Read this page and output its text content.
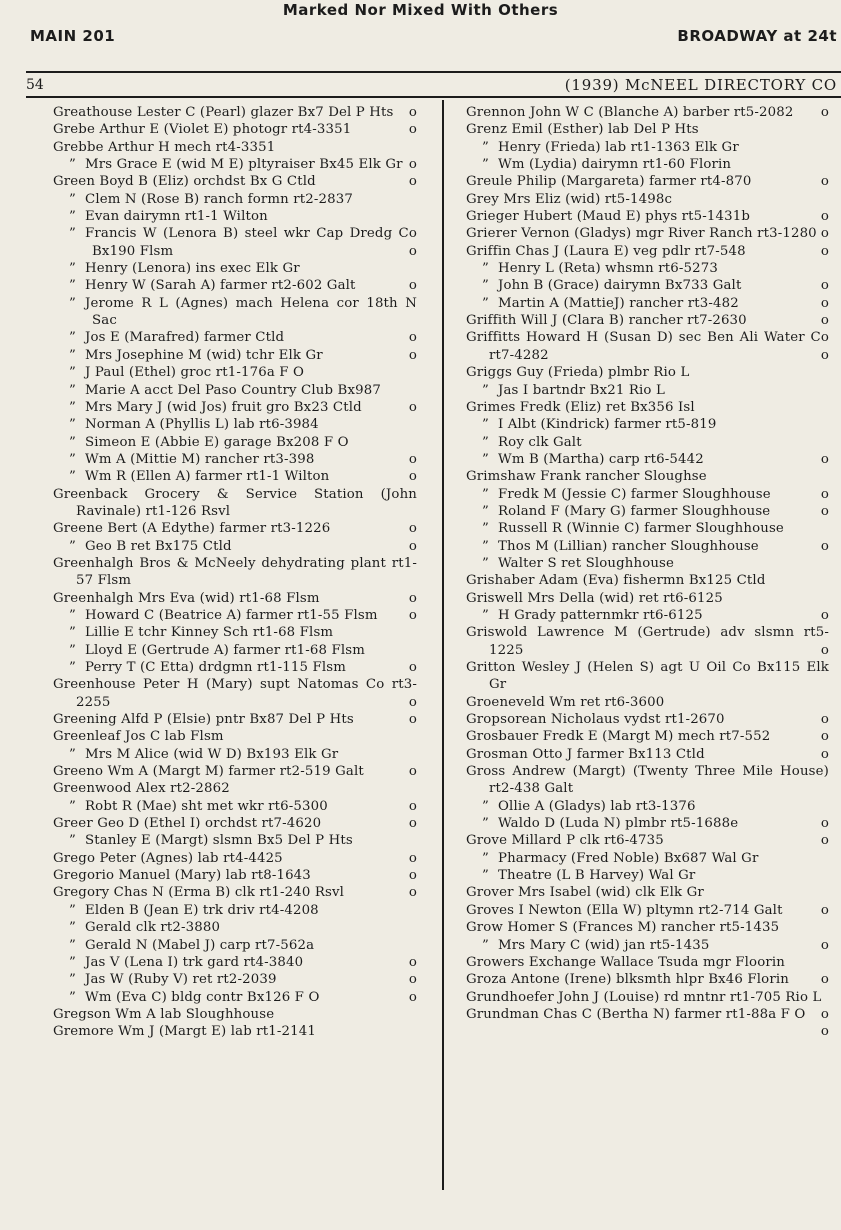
Marked Nor Mixed With Others
MAIN 201	BROADWAY at 24t
54	(1939) McNEEL DIRECTORY CO
Greathouse Lester C (Pearl) glazer Bx7 Del P Hts o
Grebe Arthur E (Violet E) photogr rt4-3351	o
Grebbe Arthur H mech rt4-3351
” Mrs Grace E (wid M E) pltyraiser Bx45 Elk Gr o
Green Boyd B (Eliz) orchdst Bx G Ctld	o
” Clem N (Rose B) ranch formn rt2-2837
” Evan dairymn rt1-1 Wilton
” Francis W (Lenora B) steel wkr Cap Dredg Co Bx190 Flsm	o
” Henry (Lenora) ins exec Elk Gr
” Henry W (Sarah A) farmer rt2-602 Galt	o
” Jerome R L (Agnes) mach Helena cor 18th N Sac
” Jos E (Marafred) farmer Ctld	o
” Mrs Josephine M (wid) tchr Elk Gr	o
” J Paul (Ethel) groc rt1-176a F O
” Marie A acct Del Paso Country Club Bx987
” Mrs Mary J (wid Jos) fruit gro Bx23 Ctld	o
” Norman A (Phyllis L) lab rt6-3984
” Simeon E (Abbie E) garage Bx208 F O
” Wm A (Mittie M) rancher rt3-398	o
” Wm R (Ellen A) farmer rt1-1 Wilton	o
Greenback Grocery & Service Station (John Ravinale) rt1-126 Rsvl
Greene Bert (A Edythe) farmer rt3-1226	o
” Geo B ret Bx175 Ctld	o
Greenhalgh Bros & McNeely dehydrating plant rt1-57 Flsm
Greenhalgh Mrs Eva (wid) rt1-68 Flsm	o
” Howard C (Beatrice A) farmer rt1-55 Flsm o
” Lillie E tchr Kinney Sch rt1-68 Flsm
” Lloyd E (Gertrude A) farmer rt1-68 Flsm
” Perry T (C Etta) drdgmn rt1-115 Flsm	o
Greenhouse Peter H (Mary) supt Natomas Co rt3-2255	o
Greening Alfd P (Elsie) pntr Bx87 Del P Hts	o
Greenleaf Jos C lab Flsm
” Mrs M Alice (wid W D) Bx193 Elk Gr
Greeno Wm A (Margt M) farmer rt2-519 Galt	o
Greenwood Alex rt2-2862
” Robt R (Mae) sht met wkr rt6-5300	o
Greer Geo D (Ethel I) orchdst rt7-4620	o
” Stanley E (Margt) slsmn Bx5 Del P Hts
Grego Peter (Agnes) lab rt4-4425	o
Gregorio Manuel (Mary) lab rt8-1643	o
Gregory Chas N (Erma B) clk rt1-240 Rsvl	o
” Elden B (Jean E) trk driv rt4-4208
” Gerald clk rt2-3880
” Gerald N (Mabel J) carp rt7-562a
” Jas V (Lena I) trk gard rt4-3840	o
” Jas W (Ruby V) ret rt2-2039	o
” Wm (Eva C) bldg contr Bx126 F O	o
Gregson Wm A lab Sloughhouse
Gremore Wm J (Margt E) lab rt1-2141
Grennon John W C (Blanche A) barber rt5-2082 o
Grenz Emil (Esther) lab Del P Hts
” Henry (Frieda) lab rt1-1363 Elk Gr
” Wm (Lydia) dairymn rt1-60 Florin
Greule Philip (Margareta) farmer rt4-870	o
Grey Mrs Eliz (wid) rt5-1498c
Grieger Hubert (Maud E) phys rt5-1431b	o
Grierer Vernon (Gladys) mgr River Ranch rt3-1280 o
Griffin Chas J (Laura E) veg pdlr rt7-548	o
” Henry L (Reta) whsmn rt6-5273
” John B (Grace) dairymn Bx733 Galt	o
” Martin A (MattieJ) rancher rt3-482	o
Griffith Will J (Clara B) rancher rt7-2630	o
Griffitts Howard H (Susan D) sec Ben Ali Water Co rt7-4282	o
Griggs Guy (Frieda) plmbr Rio L
” Jas I bartndr Bx21 Rio L
Grimes Fredk (Eliz) ret Bx356 Isl
” I Albt (Kindrick) farmer rt5-819
” Roy clk Galt
” Wm B (Martha) carp rt6-5442	o
Grimshaw Frank rancher Sloughse
” Fredk M (Jessie C) farmer Sloughhouse	o
” Roland F (Mary G) farmer Sloughhouse	o
” Russell R (Winnie C) farmer Sloughhouse
” Thos M (Lillian) rancher Sloughhouse	o
” Walter S ret Sloughhouse
Grishaber Adam (Eva) fishermn Bx125 Ctld
Griswell Mrs Della (wid) ret rt6-6125
” H Grady patternmkr rt6-6125	o
Griswold Lawrence M (Gertrude) adv slsmn rt5-1225	o
Gritton Wesley J (Helen S) agt U Oil Co Bx115 Elk Gr
Groeneveld Wm ret rt6-3600
Gropsorean Nicholaus vydst rt1-2670	o
Grosbauer Fredk E (Margt M) mech rt7-552	o
Grosman Otto J farmer Bx113 Ctld	o
Gross Andrew (Margt) (Twenty Three Mile House) rt2-438 Galt
” Ollie A (Gladys) lab rt3-1376
” Waldo D (Luda N) plmbr rt5-1688e	o
Grove Millard P clk rt6-4735	o
” Pharmacy (Fred Noble) Bx687 Wal Gr
” Theatre (L B Harvey) Wal Gr
Grover Mrs Isabel (wid) clk Elk Gr
Groves I Newton (Ella W) pltymn rt2-714 Galt	o
Grow Homer S (Frances M) rancher rt5-1435
” Mrs Mary C (wid) jan rt5-1435	o
Growers Exchange Wallace Tsuda mgr Floorin
Groza Antone (Irene) blksmth hlpr Bx46 Florin o
Grundhoefer John J (Louise) rd mntnr rt1-705 Rio L
o
Grundman Chas C (Bertha N) farmer rt1-88a F O
o
